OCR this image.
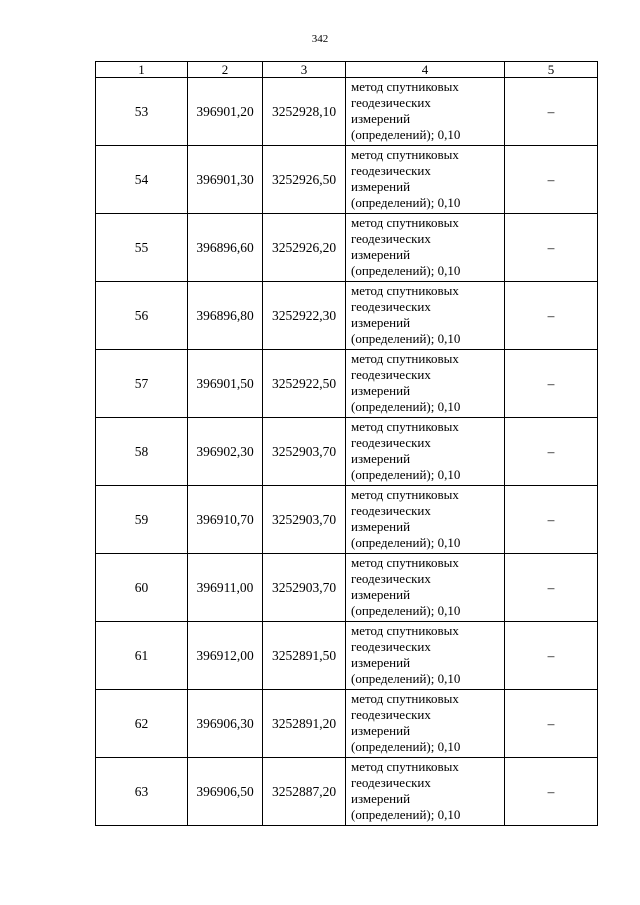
342
1	2	3	4	5
53	396901,20	3252928,10	метод спутниковых
геодезических
измерений
(определений); 0,10	–
54	396901,30	3252926,50	метод спутниковых
геодезических
измерений
(определений); 0,10	–
55	396896,60	3252926,20	метод спутниковых
геодезических
измерений
(определений); 0,10	–
56	396896,80	3252922,30	метод спутниковых
геодезических
измерений
(определений); 0,10	–
57	396901,50	3252922,50	метод спутниковых
геодезических
измерений
(определений); 0,10	–
58	396902,30	3252903,70	метод спутниковых
геодезических
измерений
(определений); 0,10	–
59	396910,70	3252903,70	метод спутниковых
геодезических
измерений
(определений); 0,10	–
60	396911,00	3252903,70	метод спутниковых
геодезических
измерений
(определений); 0,10	–
61	396912,00	3252891,50	метод спутниковых
геодезических
измерений
(определений); 0,10	–
62	396906,30	3252891,20	метод спутниковых
геодезических
измерений
(определений); 0,10	–
63	396906,50	3252887,20	метод спутниковых
геодезических
измерений
(определений); 0,10	–
